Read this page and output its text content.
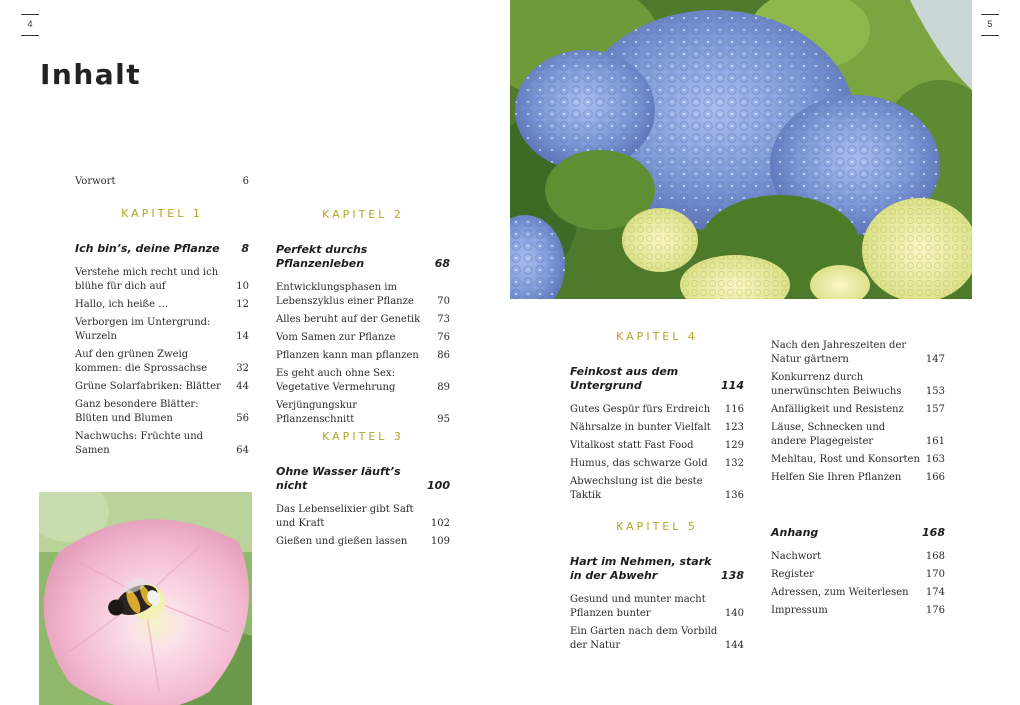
4	5
Inhalt
Vorwort	6
KAPITEL 1
Ich bin’s, deine Pflanze	8
Verstehe mich recht und ich blühe für dich auf	10
Hallo, ich heiße …	12
Verborgen im Untergrund: Wurzeln	14
Auf den grünen Zweig kommen: die Sprossachse	32
Grüne Solarfabriken: Blätter	44
Ganz besondere Blätter: Blüten und Blumen	56
Nachwuchs: Früchte und Samen	64
KAPITEL 2
Perfekt durchs Pflanzenleben	68
Entwicklungsphasen im Lebenszyklus einer Pflanze	70
Alles beruht auf der Genetik	73
Vom Samen zur Pflanze	76
Pflanzen kann man pflanzen	86
Es geht auch ohne Sex: Vegetative Vermehrung	89
Verjüngungskur Pflanzenschnitt	95
KAPITEL 3
Ohne Wasser läuft’s nicht	100
Das Lebenselixier gibt Saft und Kraft	102
Gießen und gießen lassen	109
KAPITEL 4
Feinkost aus dem Untergrund	114
Gutes Gespür fürs Erdreich	116
Nährsalze in bunter Vielfalt	123
Vitalkost statt Fast Food	129
Humus, das schwarze Gold	132
Abwechslung ist die beste Taktik	136
KAPITEL 5
Hart im Nehmen, stark in der Abwehr	138
Gesund und munter macht Pflanzen bunter	140
Ein Garten nach dem Vorbild der Natur	144
Nach den Jahreszeiten der Natur gärtnern	147
Konkurrenz durch unerwünschten Beiwuchs	153
Anfälligkeit und Resistenz	157
Läuse, Schnecken und andere Plagegeister	161
Mehltau, Rost und Konsorten 163
Helfen Sie Ihren Pflanzen	166
Anhang	168
Nachwort	168
Register	170
Adressen, zum Weiterlesen	174
Impressum	176
